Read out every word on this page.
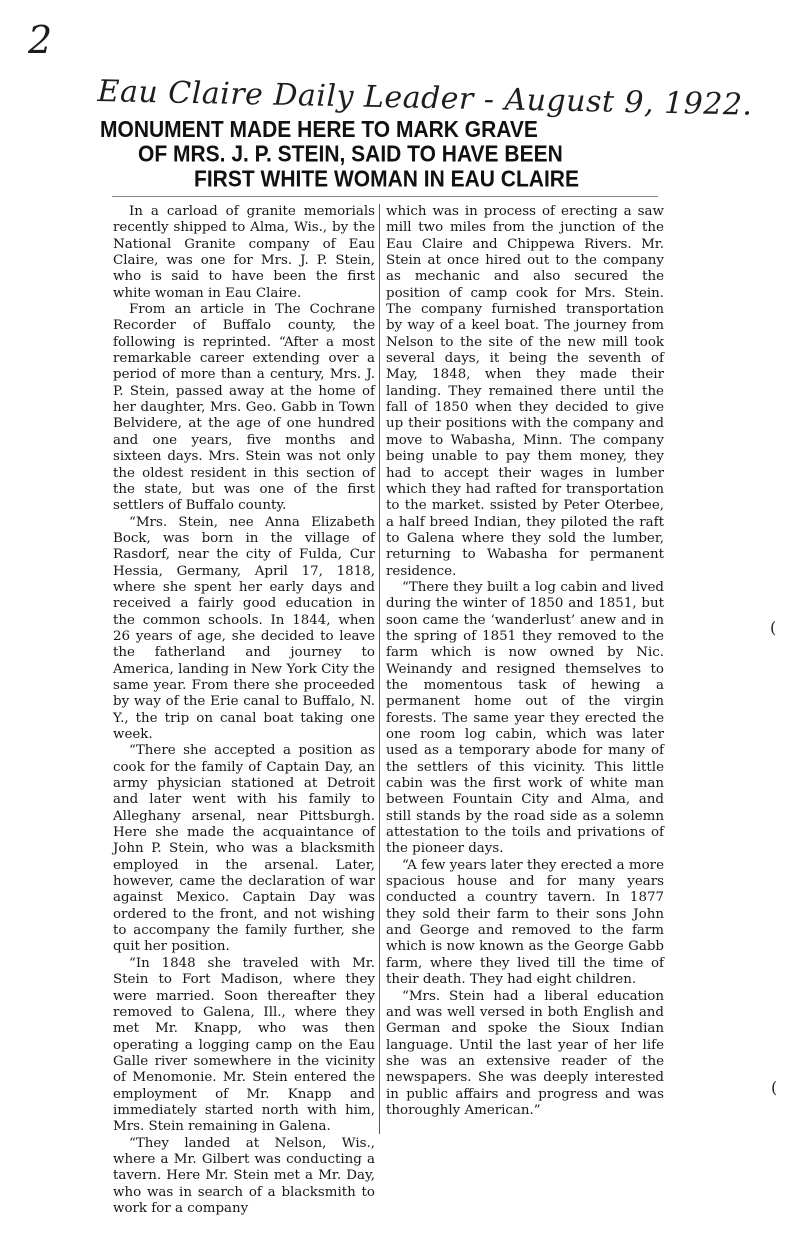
2
Eau Claire Daily Leader - August 9, 1922.
MONUMENT MADE HERE TO MARK GRAVE
OF MRS. J. P. STEIN, SAID TO HAVE BEEN
FIRST WHITE WOMAN IN EAU CLAIRE

In a carload of granite memorials recently shipped to Alma, Wis., by the National Granite company of Eau Claire, was one for Mrs. J. P. Stein, who is said to have been the first white woman in Eau Claire.

From an article in The Cochrane Recorder of Buffalo county, the following is reprinted. “After a most remarkable career extending over a period of more than a century, Mrs. J. P. Stein, passed away at the home of her daughter, Mrs. Geo. Gabb in Town Belvidere, at the age of one hundred and one years, five months and sixteen days. Mrs. Stein was not only the oldest resident in this section of the state, but was one of the first settlers of Buffalo county.

“Mrs. Stein, nee Anna Elizabeth Bock, was born in the village of Rasdorf, near the city of Fulda, Cur Hessia, Germany, April 17, 1818, where she spent her early days and received a fairly good education in the common schools. In 1844, when 26 years of age, she decided to leave the fatherland and journey to America, landing in New York City the same year. From there she proceeded by way of the Erie canal to Buffalo, N. Y., the trip on canal boat taking one week.

“There she accepted a position as cook for the family of Captain Day, an army physician stationed at Detroit and later went with his family to Alleghany arsenal, near Pittsburgh. Here she made the acquaintance of John P. Stein, who was a blacksmith employed in the arsenal. Later, however, came the declaration of war against Mexico. Captain Day was ordered to the front, and not wishing to accompany the family further, she quit her position.

“In 1848 she traveled with Mr. Stein to Fort Madison, where they were married. Soon thereafter they removed to Galena, Ill., where they met Mr. Knapp, who was then operating a logging camp on the Eau Galle river somewhere in the vicinity of Menomonie. Mr. Stein entered the employment of Mr. Knapp and immediately started north with him, Mrs. Stein remaining in Galena.

“They landed at Nelson, Wis., where a Mr. Gilbert was conducting a tavern. Here Mr. Stein met a Mr. Day, who was in search of a blacksmith to work for a company

which was in process of erecting a saw mill two miles from the junction of the Eau Claire and Chippewa Rivers. Mr. Stein at once hired out to the company as mechanic and also secured the position of camp cook for Mrs. Stein. The company furnished transportation by way of a keel boat. The journey from Nelson to the site of the new mill took several days, it being the seventh of May, 1848, when they made their landing. They remained there until the fall of 1850 when they decided to give up their positions with the company and move to Wabasha, Minn. The company being unable to pay them money, they had to accept their wages in lumber which they had rafted for transportation to the market. ssisted by Peter Oterbee, a half breed Indian, they piloted the raft to Galena where they sold the lumber, returning to Wabasha for permanent residence.

“There they built a log cabin and lived during the winter of 1850 and 1851, but soon came the ‘wanderlust’ anew and in the spring of 1851 they removed to the farm which is now owned by Nic. Weinandy and resigned themselves to the momentous task of hewing a permanent home out of the virgin forests. The same year they erected the one room log cabin, which was later used as a temporary abode for many of the settlers of this vicinity. This little cabin was the first work of white man between Fountain City and Alma, and still stands by the road side as a solemn attestation to the toils and privations of the pioneer days.

“A few years later they erected a more spacious house and for many years conducted a country tavern. In 1877 they sold their farm to their sons John and George and removed to the farm which is now known as the George Gabb farm, where they lived till the time of their death. They had eight children.

“Mrs. Stein had a liberal education and was well versed in both English and German and spoke the Sioux Indian language. Until the last year of her life she was an extensive reader of the newspapers. She was deeply interested in public affairs and progress and was thoroughly American.”

(
(
